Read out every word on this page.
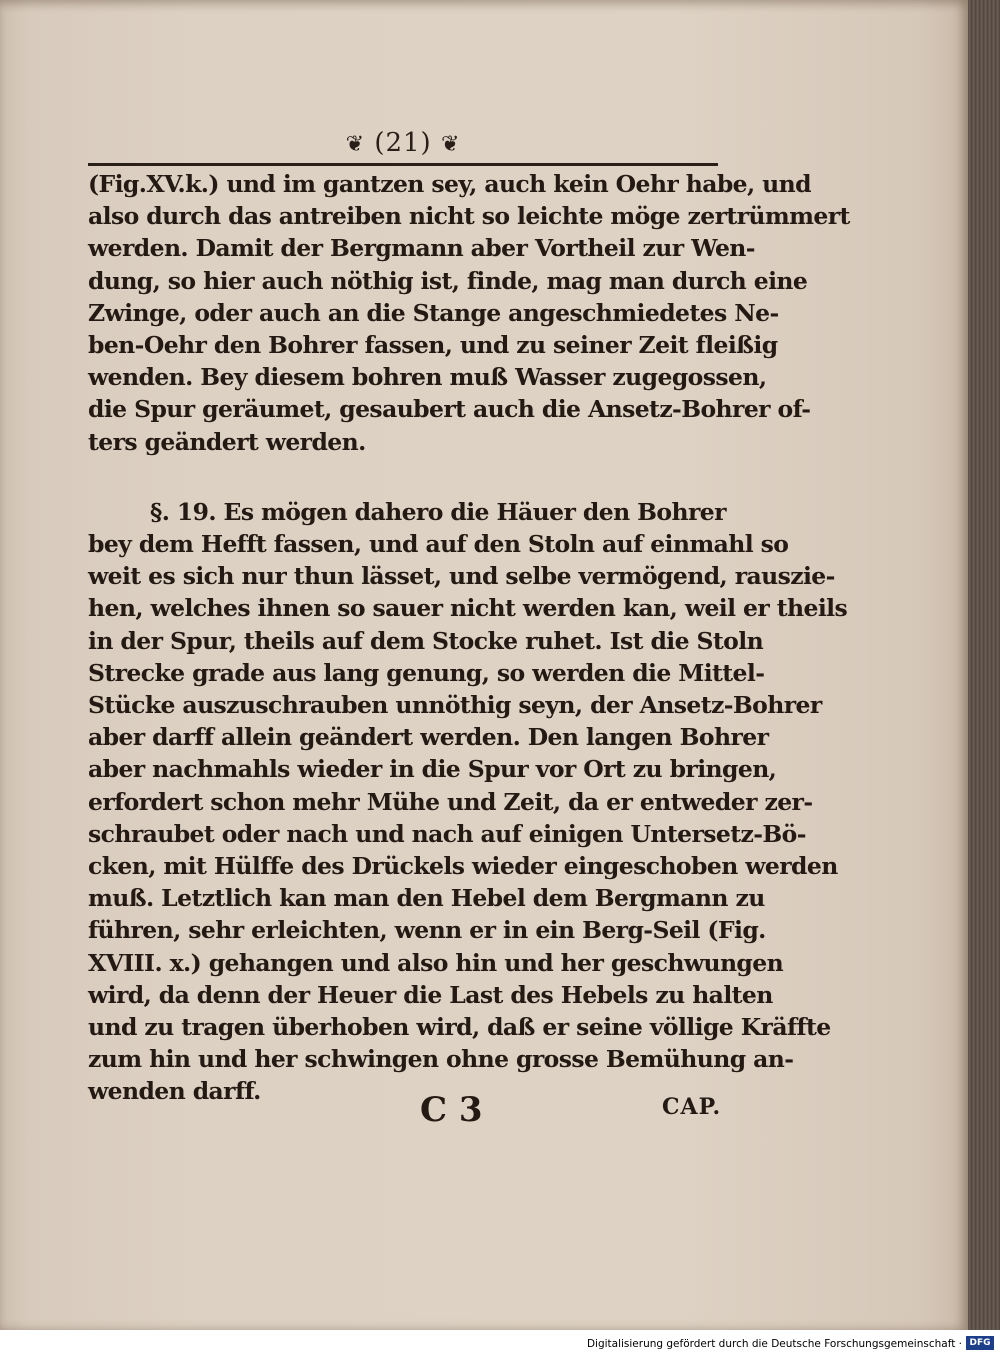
❦ (21) ❦
(Fig.XV.k.) und im gantzen sey, auch kein Oehr habe, und
also durch das antreiben nicht so leichte möge zertrümmert
werden. Damit der Bergmann aber Vortheil zur Wen-
dung, so hier auch nöthig ist, finde, mag man durch eine
Zwinge, oder auch an die Stange angeschmiedetes Ne-
ben-Oehr den Bohrer fassen, und zu seiner Zeit fleißig
wenden. Bey diesem bohren muß Wasser zugegossen,
die Spur geräumet, gesaubert auch die Ansetz-Bohrer of-
ters geändert werden.
§. 19. Es mögen dahero die Häuer den Bohrer
bey dem Hefft fassen, und auf den Stoln auf einmahl so
weit es sich nur thun lässet, und selbe vermögend, rauszie-
hen, welches ihnen so sauer nicht werden kan, weil er theils
in der Spur, theils auf dem Stocke ruhet. Ist die Stoln
Strecke grade aus lang genung, so werden die Mittel-
Stücke auszuschrauben unnöthig seyn, der Ansetz-Bohrer
aber darff allein geändert werden. Den langen Bohrer
aber nachmahls wieder in die Spur vor Ort zu bringen,
erfordert schon mehr Mühe und Zeit, da er entweder zer-
schraubet oder nach und nach auf einigen Untersetz-Bö-
cken, mit Hülffe des Drückels wieder eingeschoben werden
muß. Letztlich kan man den Hebel dem Bergmann zu
führen, sehr erleichten, wenn er in ein Berg-Seil (Fig.
XVIII. x.) gehangen und also hin und her geschwungen
wird, da denn der Heuer die Last des Hebels zu halten
und zu tragen überhoben wird, daß er seine völlige Kräffte
zum hin und her schwingen ohne grosse Bemühung an-
wenden darff.	C 3	CAP.
Digitalisierung gefördert durch die Deutsche Forschungsgemeinschaft · DFG
